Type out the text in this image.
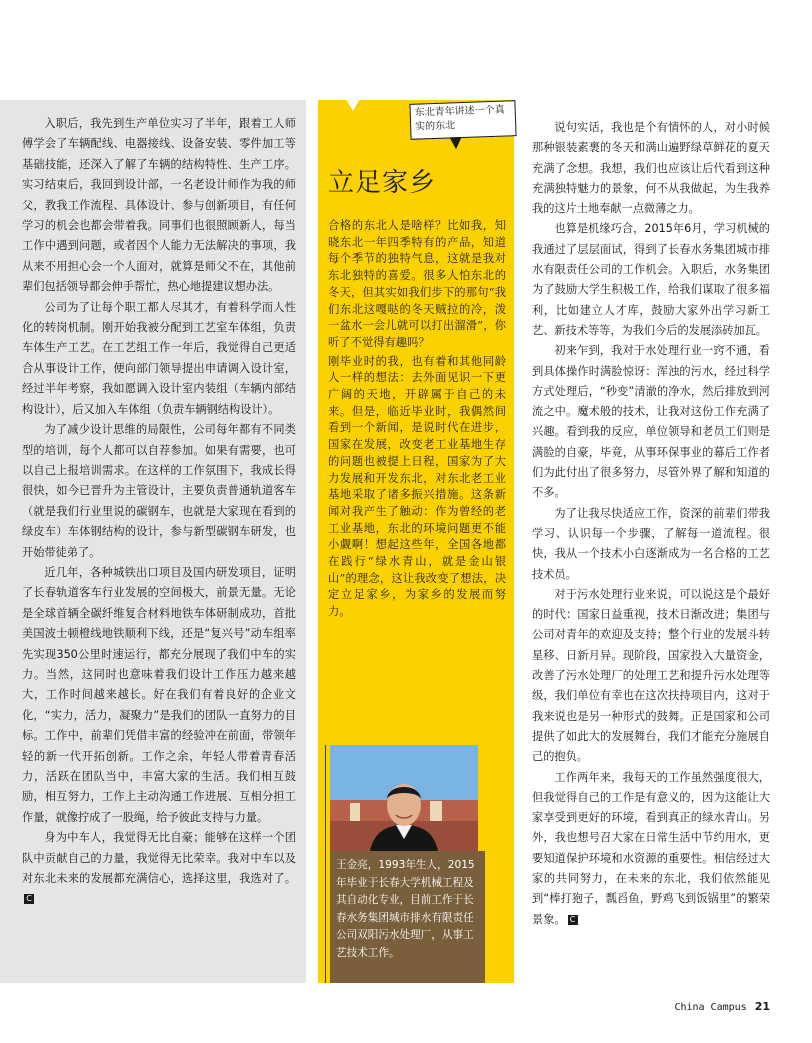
入职后，我先到生产单位实习了半年，跟着工人师傅学会了车辆配线、电器接线、设备安装、零件加工等基础技能，还深入了解了车辆的结构特性、生产工序。实习结束后，我回到设计部，一名老设计师作为我的师父，教我工作流程、具体设计、参与创新项目，有任何学习的机会也都会带着我。同事们也很照顾新人，每当工作中遇到问题，或者因个人能力无法解决的事项，我从来不用担心会一个人面对，就算是师父不在，其他前辈们包括领导都会伸手帮忙，热心地提建议想办法。

公司为了让每个职工都人尽其才，有着科学而人性化的转岗机制。刚开始我被分配到工艺室车体组，负责车体生产工艺。在工艺组工作一年后，我觉得自己更适合从事设计工作，便向部门领导提出申请调入设计室，经过半年考察，我如愿调入设计室内装组（车辆内部结构设计），后又加入车体组（负责车辆钢结构设计）。

为了减少设计思维的局限性，公司每年都有不同类型的培训，每个人都可以自荐参加。如果有需要，也可以自己上报培训需求。在这样的工作氛围下，我成长得很快，如今已晋升为主管设计，主要负责普通轨道客车（就是我们行业里说的碳钢车，也就是大家现在看到的绿皮车）车体钢结构的设计，参与新型碳钢车研发，也开始带徒弟了。

近几年，各种城铁出口项目及国内研发项目，证明了长春轨道客车行业发展的空间极大，前景无量。无论是全球首辆全碳纤维复合材料地铁车体研制成功，首批美国波士顿橙线地铁顺利下线，还是“复兴号”动车组率先实现350公里时速运行，都充分展现了我们中车的实力。当然，这同时也意味着我们设计工作压力越来越大，工作时间越来越长。好在我们有着良好的企业文化，“实力，活力，凝聚力”是我们的团队一直努力的目标。工作中，前辈们凭借丰富的经验冲在前面，带领年轻的新一代开拓创新。工作之余，年轻人带着青春活力，活跃在团队当中，丰富大家的生活。我们相互鼓励，相互努力，工作上主动沟通工作进展、互相分担工作量，就像拧成了一股绳，给予彼此支持与力量。

身为中车人，我觉得无比自豪；能够在这样一个团队中贡献自己的力量，我觉得无比荣幸。我对中车以及对东北未来的发展都充满信心，选择这里，我选对了。C

东北青年讲述一个真实的东北
立足家乡

合格的东北人是啥样？比如我，知晓东北一年四季特有的产品，知道每个季节的独特气息，这就是我对东北独特的喜爱。很多人怕东北的冬天，但其实如我们步下的那句“我们东北这嘎哒的冬天贼拉的冷，泼一盆水一会儿就可以打出溜滑”，你听了不觉得有趣吗？

刚毕业时的我，也有着和其他同龄人一样的想法：去外面见识一下更广阔的天地，开辟属于自己的未来。但是，临近毕业时，我偶然间看到一个新闻，是说时代在进步，国家在发展，改变老工业基地生存的问题也被提上日程，国家为了大力发展和开发东北，对东北老工业基地采取了诸多振兴措施。这条新闻对我产生了触动：作为曾经的老工业基地，东北的环境问题更不能小觑啊！想起这些年，全国各地都在践行“绿水青山，就是金山银山”的理念，这让我改变了想法，决定立足家乡，为家乡的发展而努力。

王金亮，1993年生人，2015年毕业于长春大学机械工程及其自动化专业，目前工作于长春水务集团城市排水有限责任公司双阳污水处理厂，从事工艺技术工作。

说句实话，我也是个有情怀的人，对小时候那种银装素裹的冬天和满山遍野绿草鲜花的夏天充满了念想。我想，我们也应该让后代看到这种充满独特魅力的景象，何不从我做起，为生我养我的这片土地奉献一点微薄之力。

也算是机缘巧合，2015年6月，学习机械的我通过了层层面试，得到了长春水务集团城市排水有限责任公司的工作机会。入职后，水务集团为了鼓励大学生积极工作，给我们谋取了很多福利，比如建立人才库，鼓励大家外出学习新工艺、新技术等等，为我们今后的发展添砖加瓦。

初来乍到，我对于水处理行业一窍不通，看到具体操作时满脸惊讶：浑浊的污水，经过科学方式处理后，“秒变”清澈的净水，然后排放到河流之中。魔术般的技术，让我对这份工作充满了兴趣。看到我的反应，单位领导和老员工们则是满脸的自豪，毕竟，从事环保事业的幕后工作者们为此付出了很多努力，尽管外界了解和知道的不多。

为了让我尽快适应工作，资深的前辈们带我学习、认识每一个步骤，了解每一道流程。很快，我从一个技术小白逐渐成为一名合格的工艺技术员。

对于污水处理行业来说，可以说这是个最好的时代：国家日益重视，技术日渐改进；集团与公司对青年的欢迎及支持；整个行业的发展斗转星移、日新月异。现阶段，国家投入大量资金，改善了污水处理厂的处理工艺和提升污水处理等级，我们单位有幸也在这次扶持项目内，这对于我来说也是另一种形式的鼓舞。正是国家和公司提供了如此大的发展舞台，我们才能充分施展自己的抱负。

工作两年来，我每天的工作虽然强度很大，但我觉得自己的工作是有意义的，因为这能让大家享受到更好的环境，看到真正的绿水青山。另外，我也想号召大家在日常生活中节约用水，更要知道保护环境和水资源的重要性。相信经过大家的共同努力，在未来的东北，我们依然能见到“棒打狍子，瓢舀鱼，野鸡飞到饭锅里”的繁荣景象。 C

China Campus 21
